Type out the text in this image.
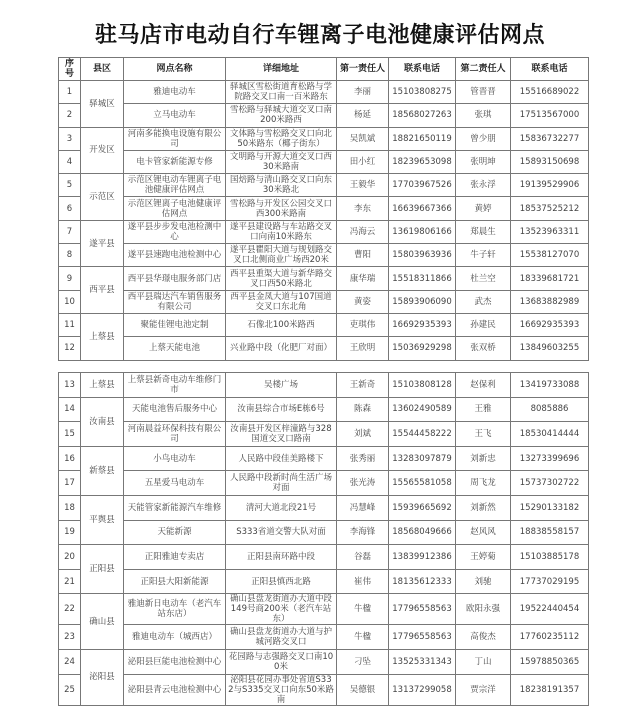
驻马店市电动自行车锂离子电池健康评估网点
序号	县区	网点名称	详细地址	第一责任人	联系电话	第二责任人	联系电话
1	驿城区	雅迪电动车	驿城区雪松街道育松路与学院路交叉口南一百米路东	李丽	15103808275	管晋晋	15516689022
2		立马电动车	雪松路与驿城大道交叉口南200米路西	杨延	18568027263	张琪	17513567000
3	开发区	河南多能换电设施有限公司	文体路与雪松路交叉口向北50米路东（椰子街东）	吴凯斌	18821650119	曾少朋	15836732277
4		电卡管家新能源专修	文明路与开源大道交叉口西30米路南	田小红	18239653098	张明坤	15893150698
5	示范区	示范区锂电动车锂离子电池健康评估网点	国焙路与清山路交叉口向东30米路北	王毅华	17703967526	张永浮	19139529906
6		示范区锂离子电池健康评估网点	雪松路与开发区公园交叉口西300米路南	李东	16639667366	黄婷	18537525212
7	遂平县	遂平县步步发电池检测中心	遂平县建设路与车站路交叉口向南10米路东	冯海云	13619806166	郑晨生	13523963311
8		遂平县速跑电池检测中心	遂平县瞿阳大道与规划路交叉口北侧商业广场西20米	曹阳	15803963936	牛子轩	15538127070
9	西平县	西平县华璟电服务部门店	西平县重渠大道与新华路交叉口西50米路北	康华瑞	15518311866	杜兰空	18339681721
10		西平县瑞达汽车销售服务有限公司	西平县金凤大道与107国道交叉口东北角	黄姿	15893906090	武杰	13683882989
11	上蔡县	聚能佳锂电池定制	石像北100米路西	吏琪伟	16692935393	孙建民	16692935393
12		上蔡天能电池	兴业路中段（化肥厂对面）	王欣明	15036929298	张双桥	13849603255
13	上蔡县	上蔡县新奇电动车维修门市	吴楼广场	王新奇	15103808128	赵保利	13419733088
14	汝南县	天能电池售后服务中心	汝南县综合市场E栋6号	陈森	13602490589	王雅	8085886
15		河南晨益环保科技有限公司	汝南县开发区梓潼路与328国道交叉口路南	刘斌	15544458222	王飞	18530414444
16	新蔡县	小鸟电动车	人民路中段佳美路楼下	张秀丽	13283097879	刘新忠	13273399696
17		五星爱马电动车	人民路中段新时尚生活广场对面	张光涛	15565581058	周飞龙	15737302722
18	平舆县	天能管家新能源汽车维修	清河大道北段21号	冯慧峰	15939665692	刘新然	15290133182
19		天能新源	S333省道交警大队对面	李海锋	18568049666	赵风风	18838558157
20	正阳县	正阳雅迪专卖店	正阳县南环路中段	谷磊	13839912386	王婷菊	15103885178
21		正阳县大阳新能源	正阳县慎西北路	崔伟	18135612333	刘驰	17737029195
22	确山县	雅迪新日电动车（老汽车站东店）	确山县盘龙街道办大道中段149号商200米（老汽车站东）	牛楹	17796558563	欧阳永强	19522440454
23		雅迪电动车（城西店）	确山县盘龙街道办大道与护城河路交叉口	牛楹	17796558563	高俊杰	17760235112
24	泌阳县	泌阳县巨能电池检测中心	花园路与志强路交叉口南100米	刁坠	13525331343	丁山	15978850365
25		泌阳县青云电池检测中心	泌阳县花园办事处省道S332与S335交叉口向东50米路南	吴德银	13137299058	贾宗洋	18238191357
